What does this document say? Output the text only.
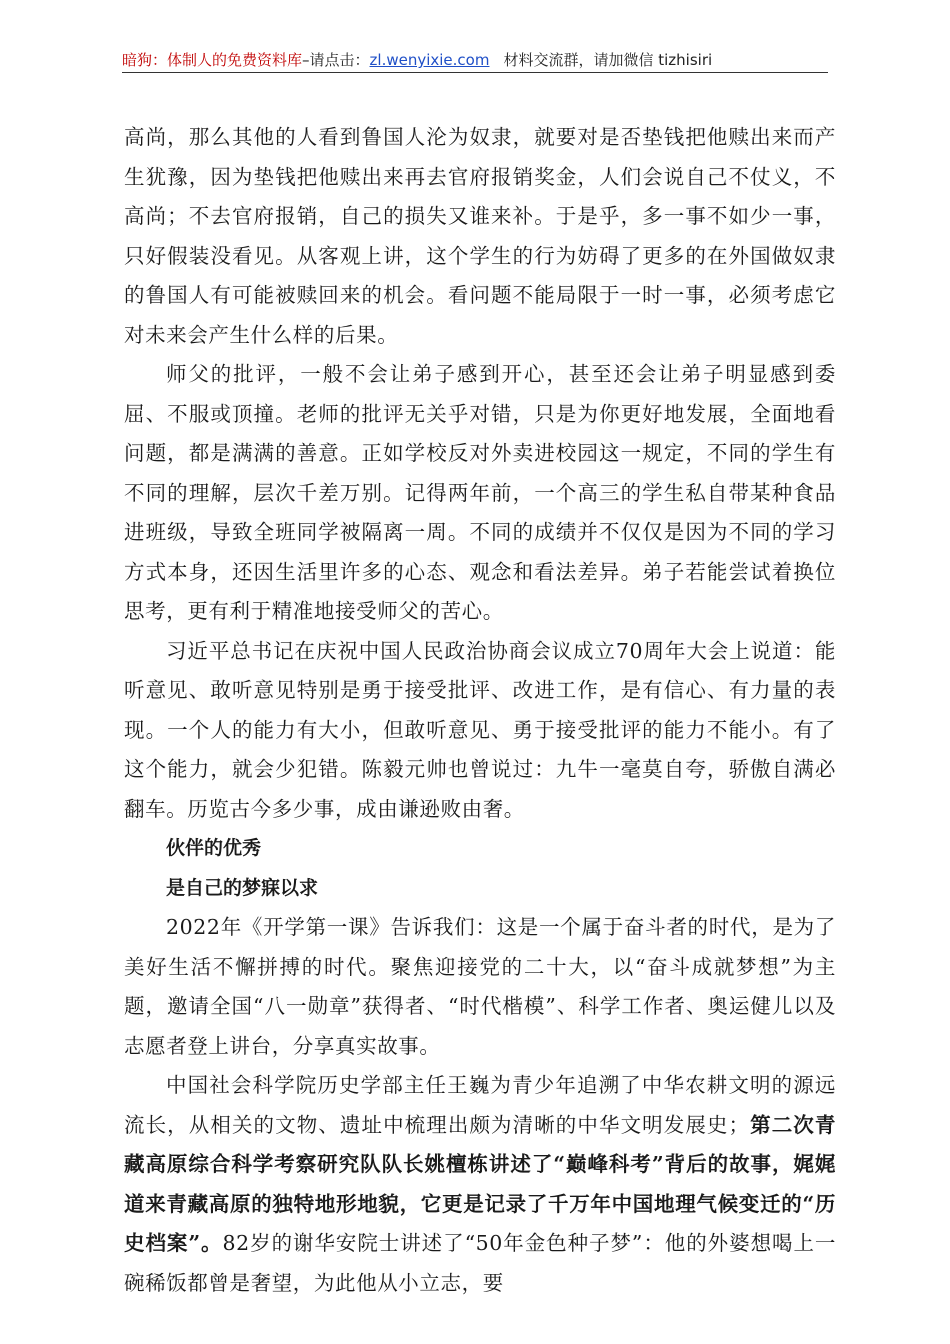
暗狗：体制人的免费资料库–请点击：zl.wenyixie.com 材料交流群，请加微信 tizhisiri

高尚，那么其他的人看到鲁国人沦为奴隶，就要对是否垫钱把他赎出来而产生犹豫，因为垫钱把他赎出来再去官府报销奖金，人们会说自己不仗义，不高尚；不去官府报销，自己的损失又谁来补。于是乎，多一事不如少一事，只好假装没看见。从客观上讲，这个学生的行为妨碍了更多的在外国做奴隶的鲁国人有可能被赎回来的机会。看问题不能局限于一时一事，必须考虑它对未来会产生什么样的后果。

师父的批评，一般不会让弟子感到开心，甚至还会让弟子明显感到委屈、不服或顶撞。老师的批评无关乎对错，只是为你更好地发展，全面地看问题，都是满满的善意。正如学校反对外卖进校园这一规定，不同的学生有不同的理解，层次千差万别。记得两年前，一个高三的学生私自带某种食品进班级，导致全班同学被隔离一周。不同的成绩并不仅仅是因为不同的学习方式本身，还因生活里许多的心态、观念和看法差异。弟子若能尝试着换位思考，更有利于精准地接受师父的苦心。

习近平总书记在庆祝中国人民政治协商会议成立70周年大会上说道：能听意见、敢听意见特别是勇于接受批评、改进工作，是有信心、有力量的表现。一个人的能力有大小，但敢听意见、勇于接受批评的能力不能小。有了这个能力，就会少犯错。陈毅元帅也曾说过：九牛一毫莫自夸，骄傲自满必翻车。历览古今多少事，成由谦逊败由奢。

伙伴的优秀

是自己的梦寐以求

2022年《开学第一课》告诉我们：这是一个属于奋斗者的时代，是为了美好生活不懈拼搏的时代。聚焦迎接党的二十大，以“奋斗成就梦想”为主题，邀请全国“八一勋章”获得者、“时代楷模”、科学工作者、奥运健儿以及志愿者登上讲台，分享真实故事。

中国社会科学院历史学部主任王巍为青少年追溯了中华农耕文明的源远流长，从相关的文物、遗址中梳理出颇为清晰的中华文明发展史；第二次青藏高原综合科学考察研究队队长姚檀栋讲述了“巅峰科考”背后的故事，娓娓道来青藏高原的独特地形地貌，它更是记录了千万年中国地理气候变迁的“历史档案”。82岁的谢华安院士讲述了“50年金色种子梦”：他的外婆想喝上一碗稀饭都曾是奢望，为此他从小立志，要
